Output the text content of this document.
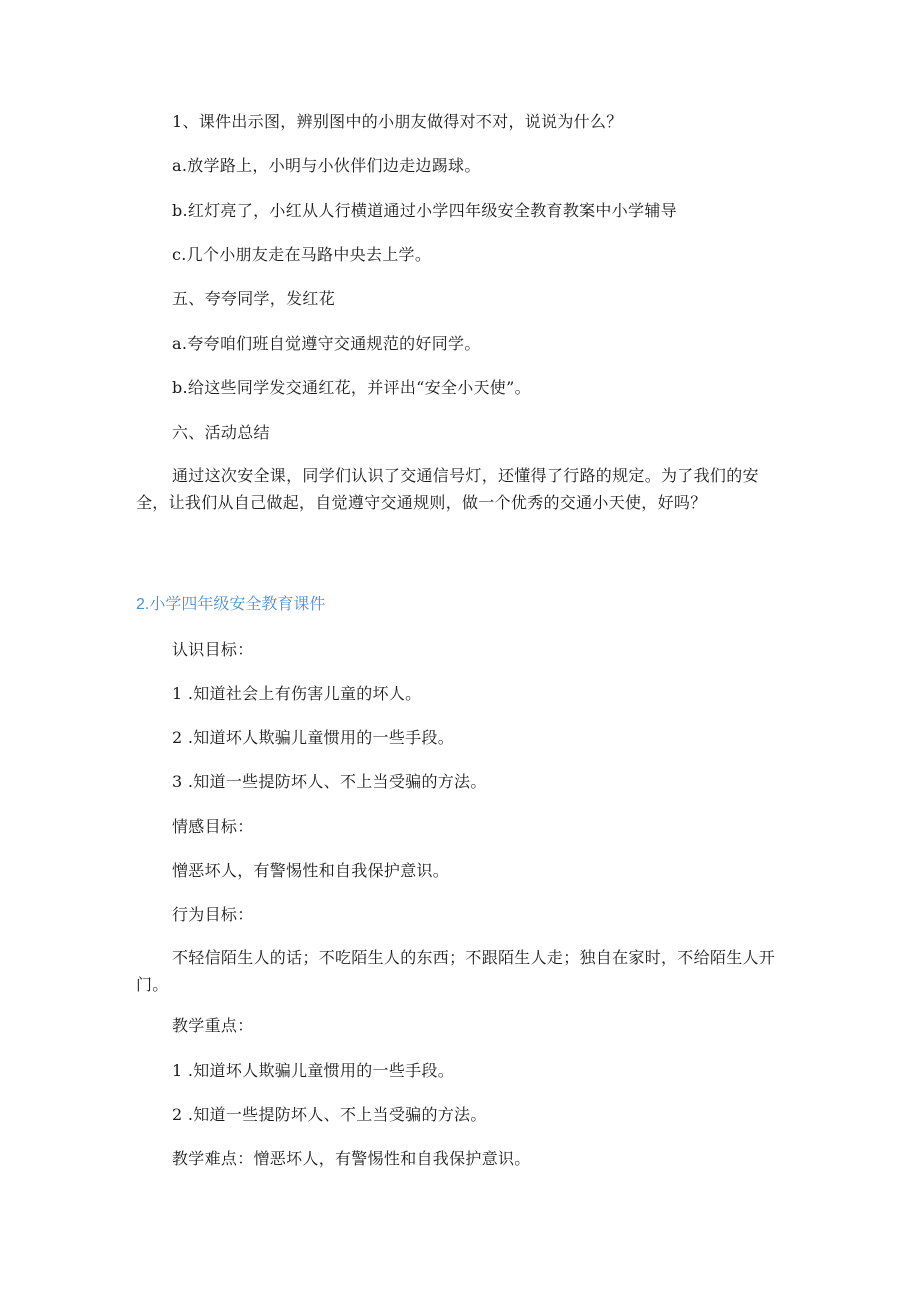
1、课件出示图，辨别图中的小朋友做得对不对，说说为什么？
a.放学路上，小明与小伙伴们边走边踢球。
b.红灯亮了，小红从人行横道通过小学四年级安全教育教案中小学辅导
c.几个小朋友走在马路中央去上学。
五、夸夸同学，发红花
a.夸夸咱们班自觉遵守交通规范的好同学。
b.给这些同学发交通红花，并评出“安全小天使”。
六、活动总结
通过这次安全课，同学们认识了交通信号灯，还懂得了行路的规定。为了我们的安全，让我们从自己做起，自觉遵守交通规则，做一个优秀的交通小天使，好吗？
2.小学四年级安全教育课件
认识目标：
1 .知道社会上有伤害儿童的坏人。
2 .知道坏人欺骗儿童惯用的一些手段。
3 .知道一些提防坏人、不上当受骗的方法。
情感目标：
憎恶坏人，有警惕性和自我保护意识。
行为目标：
不轻信陌生人的话；不吃陌生人的东西；不跟陌生人走；独自在家时，不给陌生人开门。
教学重点：
1 .知道坏人欺骗儿童惯用的一些手段。
2 .知道一些提防坏人、不上当受骗的方法。
教学难点：憎恶坏人，有警惕性和自我保护意识。
